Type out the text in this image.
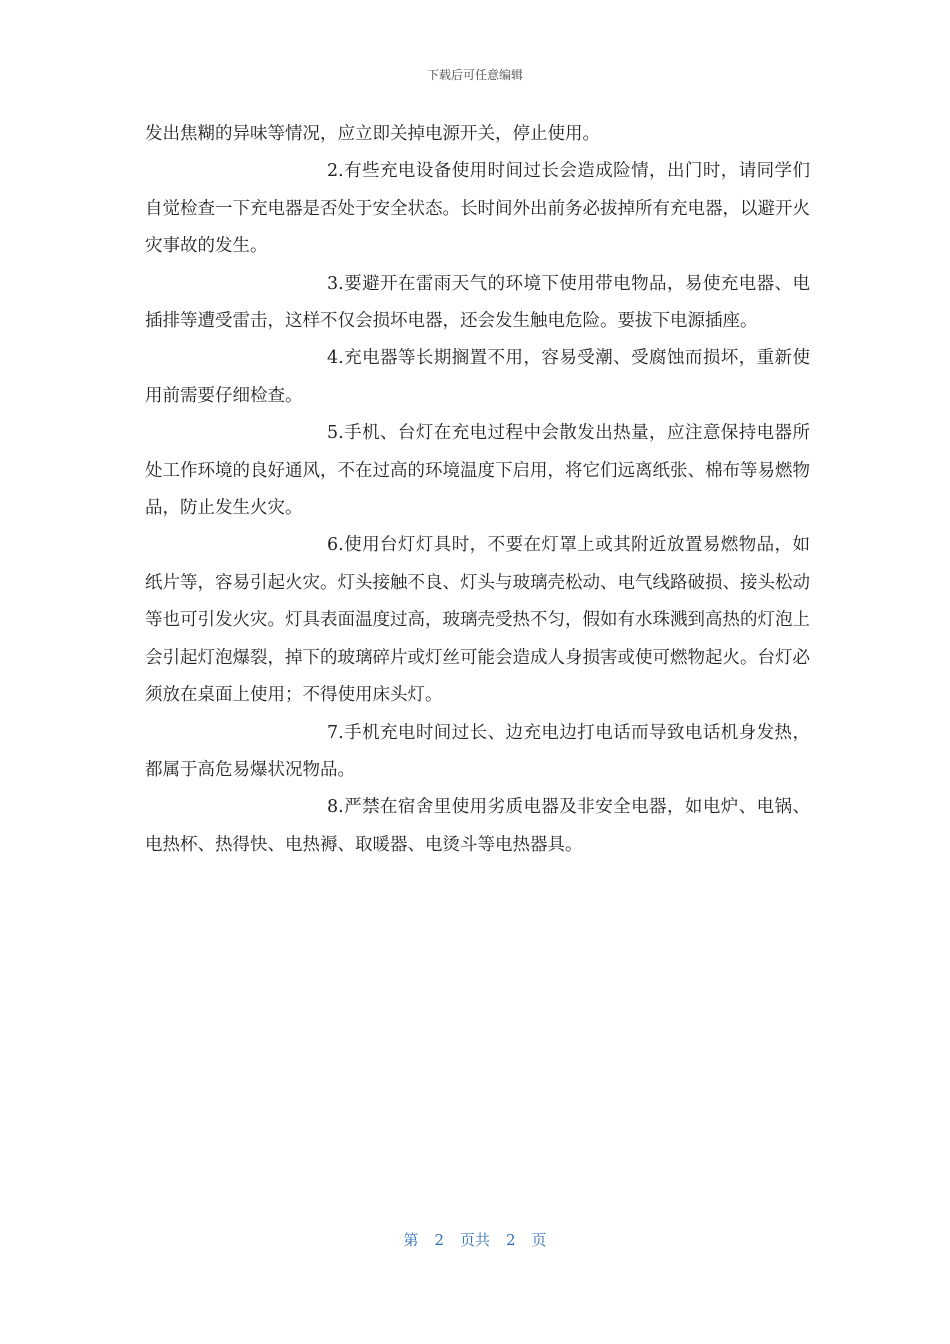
下载后可任意编辑

发出焦糊的异味等情况，应立即关掉电源开关，停止使用。

2.有些充电设备使用时间过长会造成险情，出门时，请同学们自觉检查一下充电器是否处于安全状态。长时间外出前务必拔掉所有充电器，以避开火灾事故的发生。

3.要避开在雷雨天气的环境下使用带电物品，易使充电器、电插排等遭受雷击，这样不仅会损坏电器，还会发生触电危险。要拔下电源插座。

4.充电器等长期搁置不用，容易受潮、受腐蚀而损坏，重新使用前需要仔细检查。

5.手机、台灯在充电过程中会散发出热量，应注意保持电器所处工作环境的良好通风，不在过高的环境温度下启用，将它们远离纸张、棉布等易燃物品，防止发生火灾。

6.使用台灯灯具时，不要在灯罩上或其附近放置易燃物品，如纸片等，容易引起火灾。灯头接触不良、灯头与玻璃壳松动、电气线路破损、接头松动等也可引发火灾。灯具表面温度过高，玻璃壳受热不匀，假如有水珠溅到高热的灯泡上会引起灯泡爆裂，掉下的玻璃碎片或灯丝可能会造成人身损害或使可燃物起火。台灯必须放在桌面上使用；不得使用床头灯。

7.手机充电时间过长、边充电边打电话而导致电话机身发热，都属于高危易爆状况物品。

8.严禁在宿舍里使用劣质电器及非安全电器，如电炉、电锅、电热杯、热得快、电热褥、取暖器、电烫斗等电热器具。

第 2 页共 2 页
